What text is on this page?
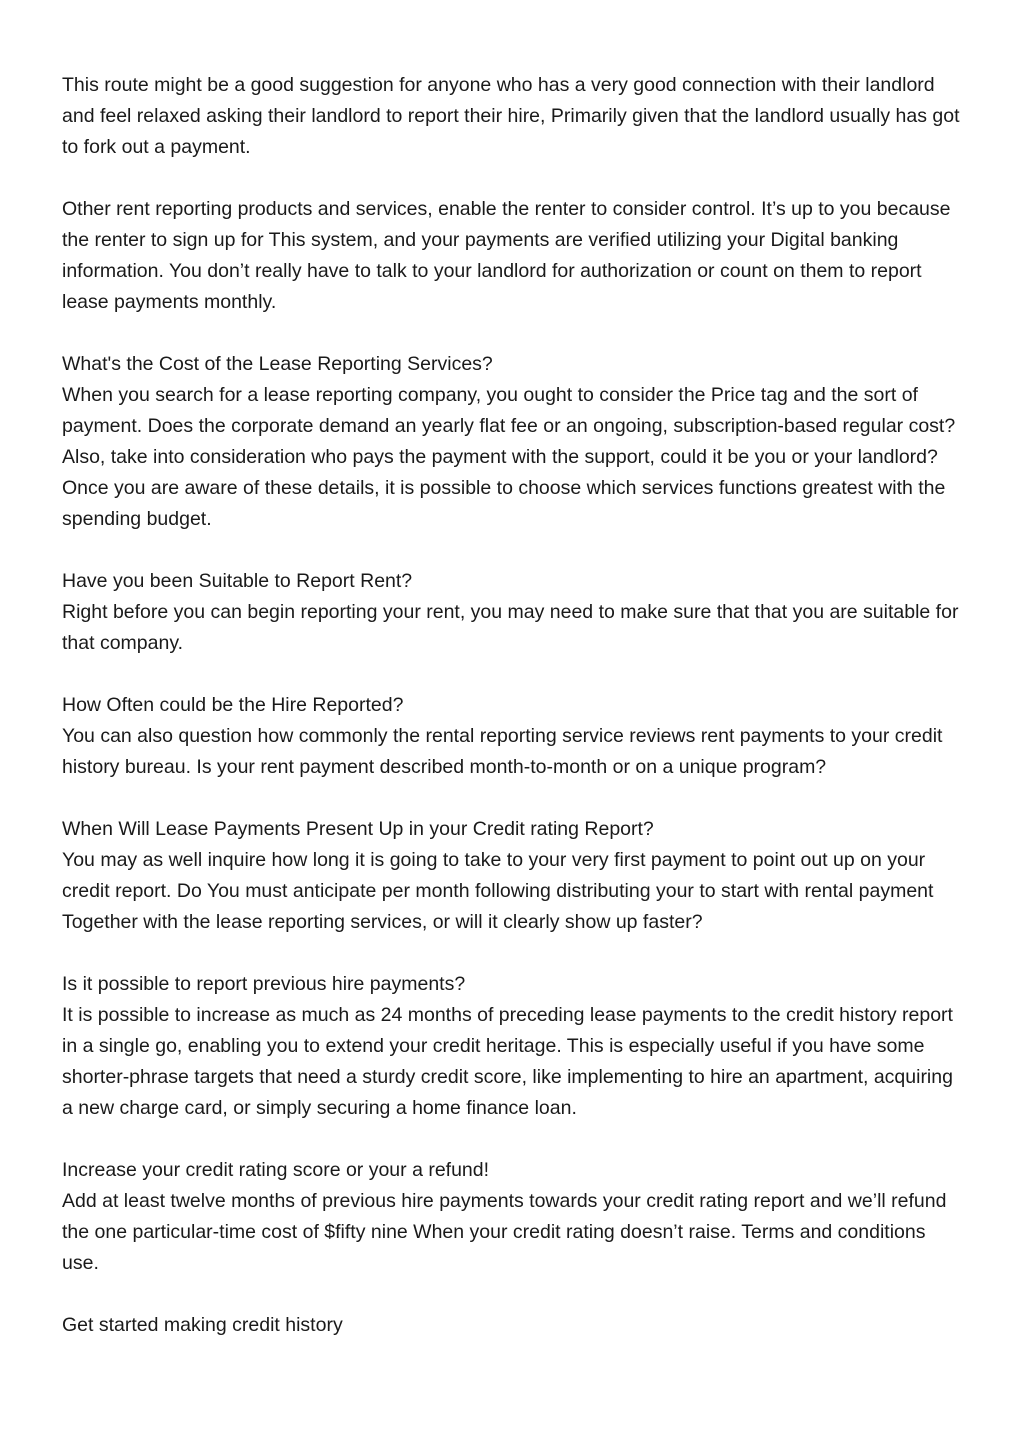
This route might be a good suggestion for anyone who has a very good connection with their landlord and feel relaxed asking their landlord to report their hire, Primarily given that the landlord usually has got to fork out a payment.

Other rent reporting products and services, enable the renter to consider control. It’s up to you because the renter to sign up for This system, and your payments are verified utilizing your Digital banking information. You don’t really have to talk to your landlord for authorization or count on them to report lease payments monthly.

What's the Cost of the Lease Reporting Services?

When you search for a lease reporting company, you ought to consider the Price tag and the sort of payment. Does the corporate demand an yearly flat fee or an ongoing, subscription-based regular cost? Also, take into consideration who pays the payment with the support, could it be you or your landlord? Once you are aware of these details, it is possible to choose which services functions greatest with the spending budget.

Have you been Suitable to Report Rent?

Right before you can begin reporting your rent, you may need to make sure that that you are suitable for that company.

How Often could be the Hire Reported?

You can also question how commonly the rental reporting service reviews rent payments to your credit history bureau. Is your rent payment described month-to-month or on a unique program?

When Will Lease Payments Present Up in your Credit rating Report?

You may as well inquire how long it is going to take to your very first payment to point out up on your credit report. Do You must anticipate per month following distributing your to start with rental payment Together with the lease reporting services, or will it clearly show up faster?

Is it possible to report previous hire payments?

It is possible to increase as much as 24 months of preceding lease payments to the credit history report in a single go, enabling you to extend your credit heritage. This is especially useful if you have some shorter-phrase targets that need a sturdy credit score, like implementing to hire an apartment, acquiring a new charge card, or simply securing a home finance loan.

Increase your credit rating score or your a refund!

Add at least twelve months of previous hire payments towards your credit rating report and we’ll refund the one particular-time cost of $fifty nine When your credit rating doesn’t raise. Terms and conditions use.

Get started making credit history
